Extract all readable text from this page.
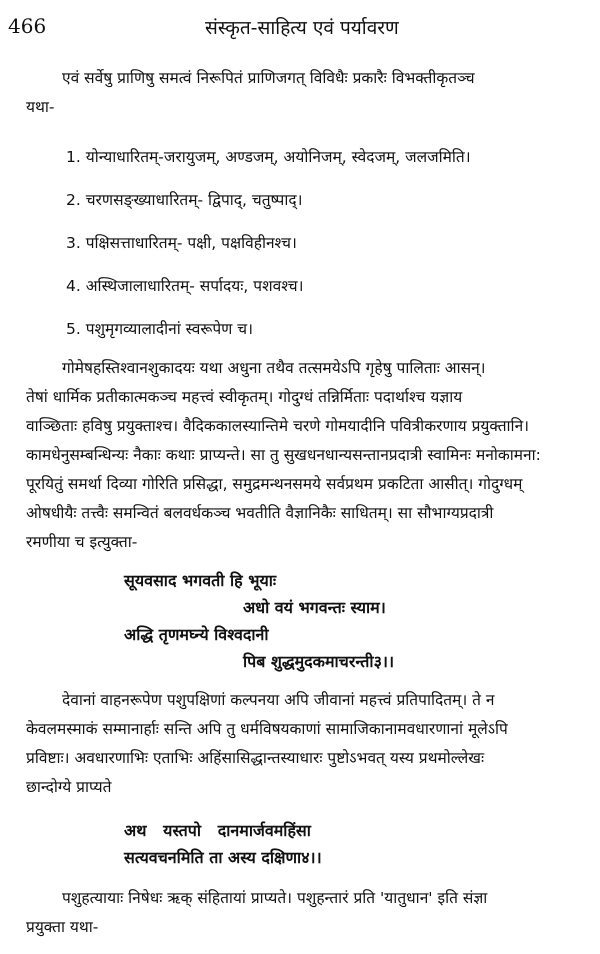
466	संस्कृत-साहित्य एवं पर्यावरण

एवं सर्वेषु प्राणिषु समत्वं निरूपितं प्राणिजगत् विविधैः प्रकारैः विभक्तीकृतञ्च

यथा-

1. योन्याधारितम्-जरायुजम्, अण्डजम्, अयोनिजम्, स्वेदजम्, जलजमिति।
2. चरणसङ्ख्याधारितम्- द्विपाद्, चतुष्पाद्।
3. पक्षिसत्ताधारितम्- पक्षी, पक्षविहीनश्च।
4. अस्थिजालाधारितम्- सर्पादयः, पशवश्च।
5. पशुमृगव्यालादीनां स्वरूपेण च।

गोमेषहस्तिश्वानशुकादयः यथा अधुना तथैव तत्समयेऽपि गृहेषु पालिताः आसन्।

तेषां धार्मिक प्रतीकात्मकञ्च महत्त्वं स्वीकृतम्। गोदुग्धं तन्निर्मिताः पदार्थाश्च यज्ञाय

वाञ्छिताः हविषु प्रयुक्ताश्च। वैदिककालस्यान्तिमे चरणे गोमयादीनि पवित्रीकरणाय प्रयुक्तानि।

कामधेनुसम्बन्धिन्यः नैकाः कथाः प्राप्यन्ते। सा तु सुखधनधान्यसन्तानप्रदात्री स्वामिनः मनोकामना:

पूरयितुं समर्था दिव्या गोरिति प्रसिद्धा, समुद्रमन्थनसमये सर्वप्रथम प्रकटिता आसीत्। गोदुग्धम्

ओषधीयैः तत्त्वैः समन्वितं बलवर्धकञ्च भवतीति वैज्ञानिकैः साधितम्। सा सौभाग्यप्रदात्री

रमणीया च इत्युक्ता-

सूयवसाद भगवती हि भूयाः
अधो वयं भगवन्तः स्याम।
अद्धि तृणमघ्न्ये विश्वदानी
पिब शुद्धमुदकमाचरन्ती३।।

देवानां वाहनरूपेण पशुपक्षिणां कल्पनया अपि जीवानां महत्त्वं प्रतिपादितम्। ते न

केवलमस्माकं सम्मानार्हाः सन्ति अपि तु धर्मविषयकाणां सामाजिकानामवधारणानां मूलेऽपि

प्रविष्टाः। अवधारणाभिः एताभिः अहिंसासिद्धान्तस्याधारः पुष्टोऽभवत् यस्य प्रथमोल्लेखः

छान्दोग्ये प्राप्यते

अथ   यस्तपो   दानमार्जवमहिंसा
सत्यवचनमिति ता अस्य दक्षिणा४।।

पशुहत्यायाः निषेधः ऋक् संहितायां प्राप्यते। पशुहन्तारं प्रति 'यातुधान' इति संज्ञा

प्रयुक्ता यथा-
